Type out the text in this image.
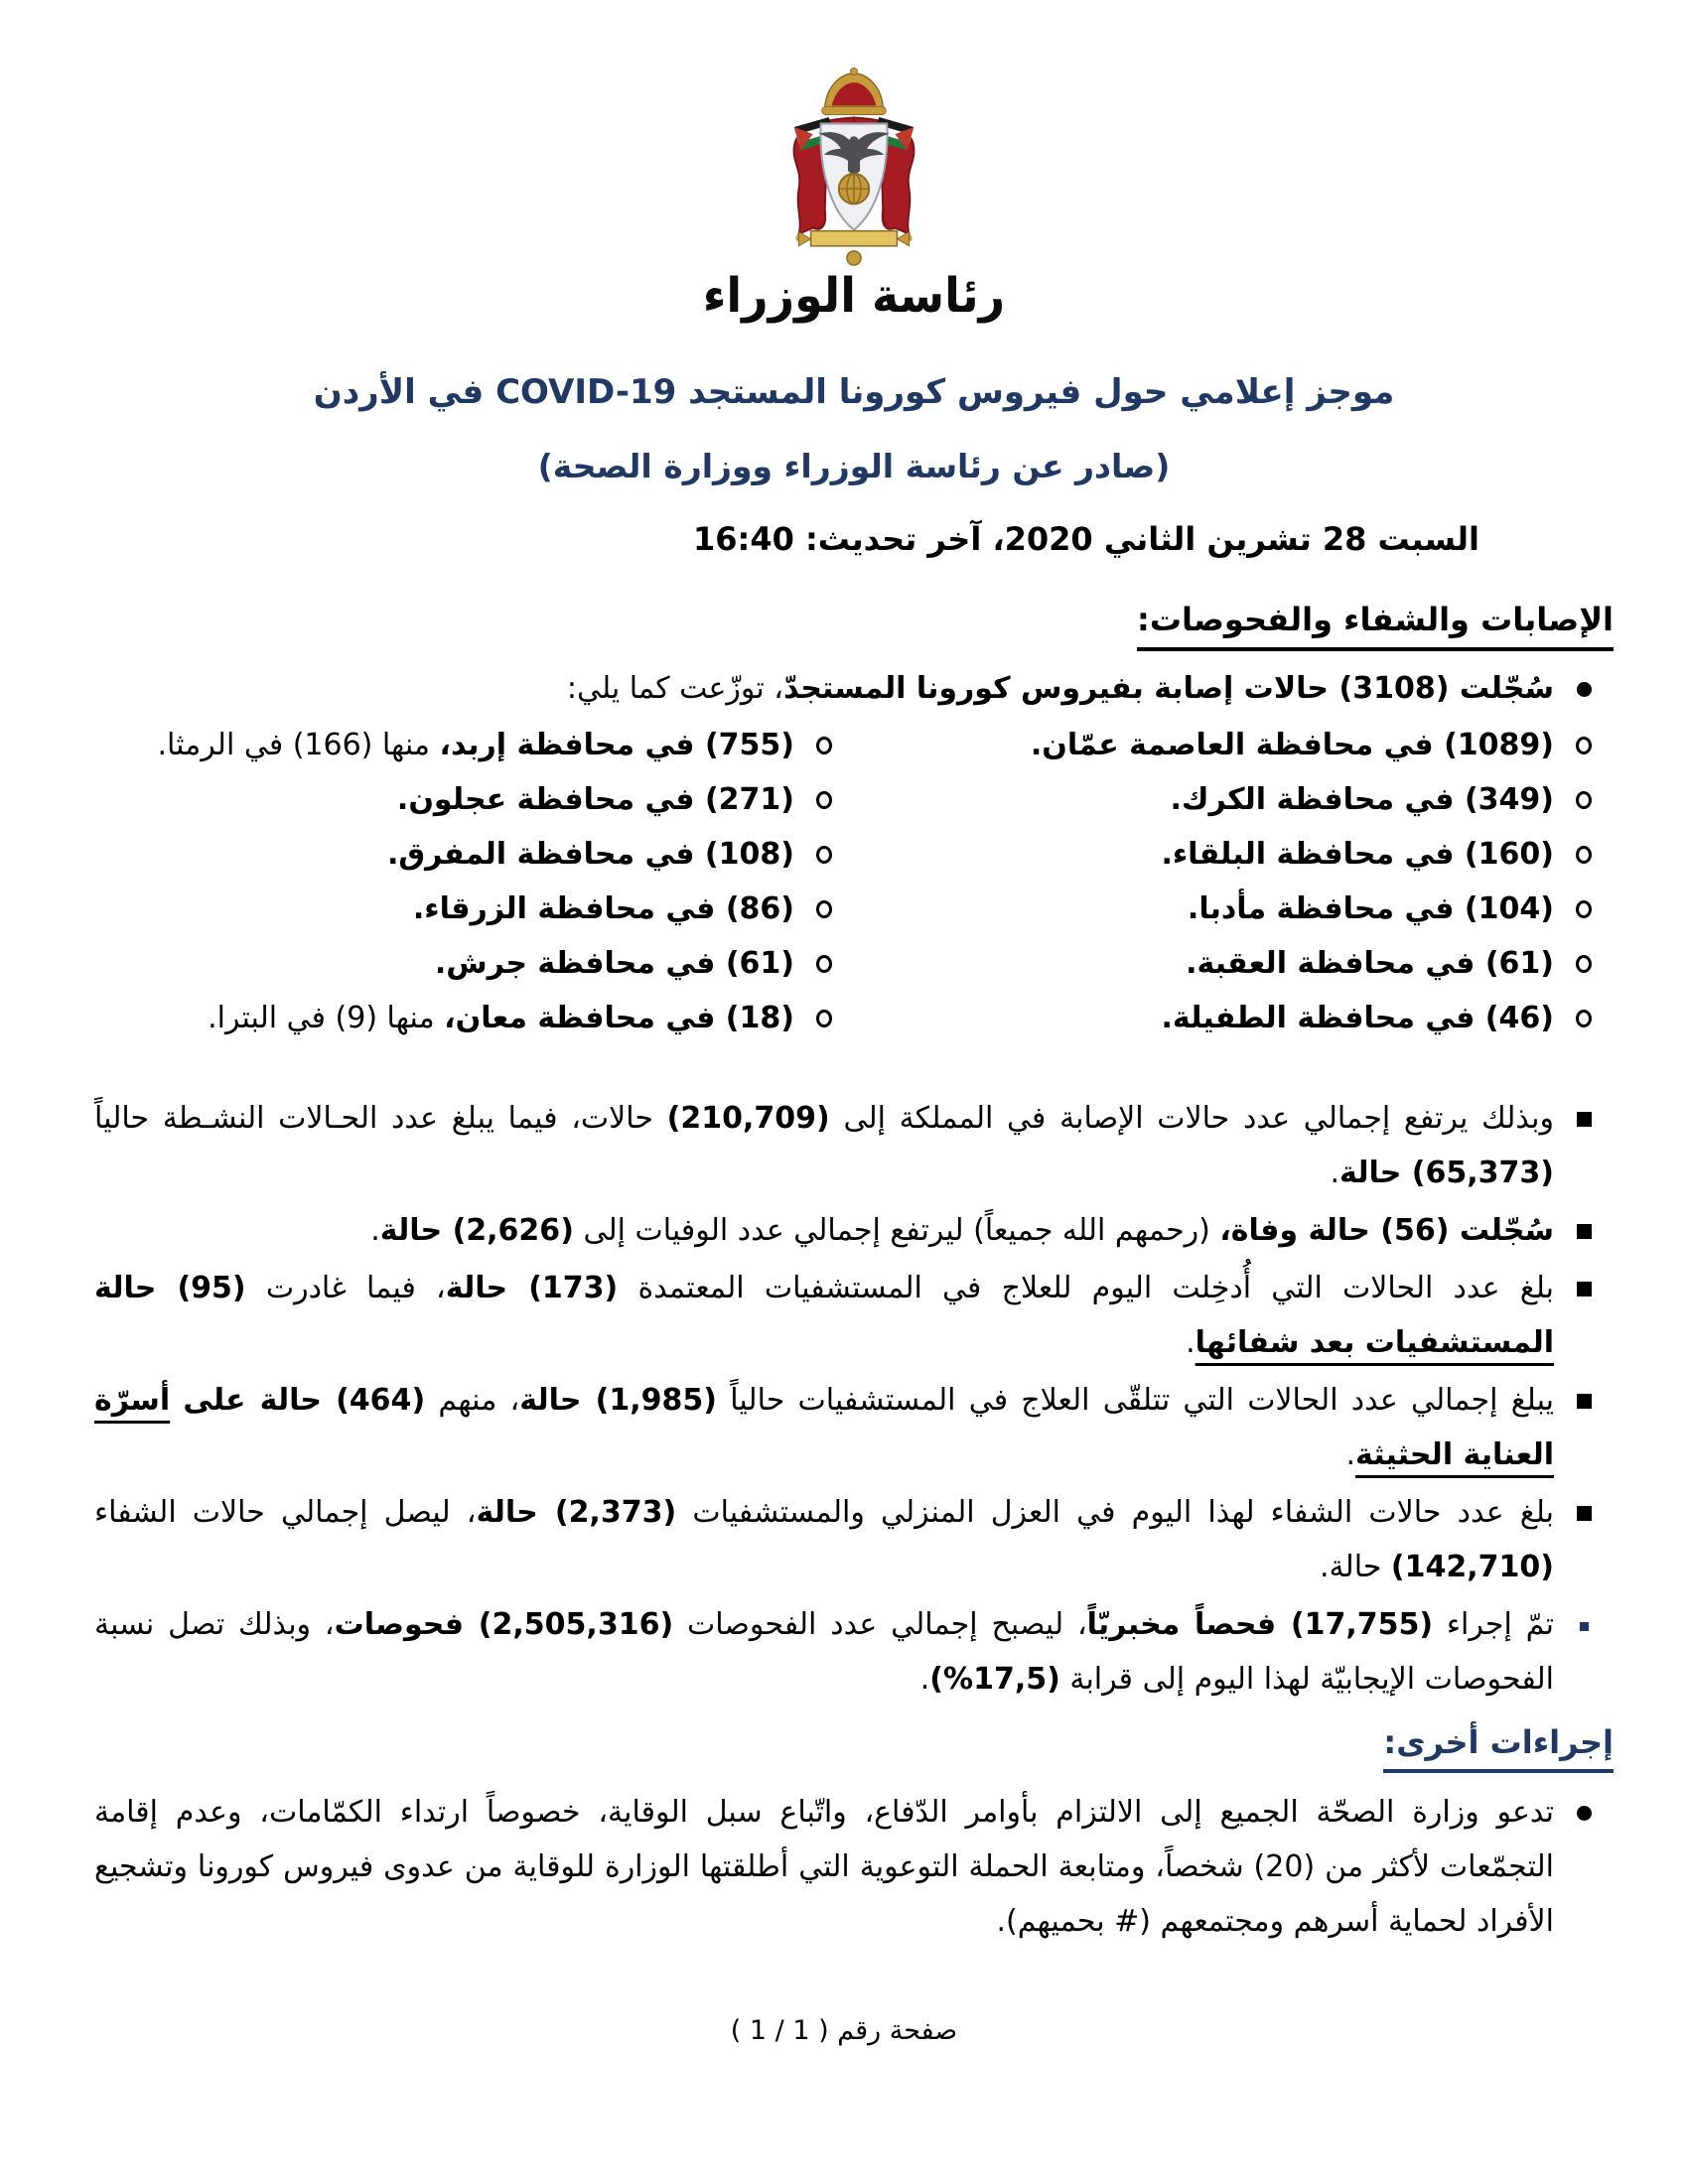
رئاسة الوزراء
موجز إعلامي حول فيروس كورونا المستجد COVID-19 في الأردن
(صادر عن رئاسة الوزراء ووزارة الصحة)
السبت 28 تشرين الثاني 2020، آخر تحديث: 16:40
الإصابات والشفاء والفحوصات:
سُجّلت (3108) حالات إصابة بفيروس كورونا المستجدّ، توزّعت كما يلي:
(1089) في محافظة العاصمة عمّان.
(349) في محافظة الكرك.
(160) في محافظة البلقاء.
(104) في محافظة مأدبا.
(61) في محافظة العقبة.
(46) في محافظة الطفيلة.
(755) في محافظة إربد، منها (166) في الرمثا.
(271) في محافظة عجلون.
(108) في محافظة المفرق.
(86) في محافظة الزرقاء.
(61) في محافظة جرش.
(18) في محافظة معان، منها (9) في البترا.
وبذلك يرتفع إجمالي عدد حالات الإصابة في المملكة إلى (210,709) حالات، فيما يبلغ عدد الحـالات النشـطة حالياً (65,373) حالة.
سُجّلت (56) حالة وفاة، (رحمهم الله جميعاً) ليرتفع إجمالي عدد الوفيات إلى (2,626) حالة.
بلغ عدد الحالات التي أُدخِلت اليوم للعلاج في المستشفيات المعتمدة (173) حالة، فيما غادرت (95) حالة المستشفيات بعد شفائها.
يبلغ إجمالي عدد الحالات التي تتلقّى العلاج في المستشفيات حالياً (1,985) حالة، منهم (464) حالة على أسرّة العناية الحثيثة.
بلغ عدد حالات الشفاء لهذا اليوم في العزل المنزلي والمستشفيات (2,373) حالة، ليصل إجمالي حالات الشفاء (142,710) حالة.
تمّ إجراء (17,755) فحصاً مخبريّاً، ليصبح إجمالي عدد الفحوصات (2,505,316) فحوصات، وبذلك تصل نسبة الفحوصات الإيجابيّة لهذا اليوم إلى قرابة (17,5%).
إجراءات أخرى:
تدعو وزارة الصحّة الجميع إلى الالتزام بأوامر الدّفاع، واتّباع سبل الوقاية، خصوصاً ارتداء الكمّامات، وعدم إقامة التجمّعات لأكثر من (20) شخصاً، ومتابعة الحملة التوعوية التي أطلقتها الوزارة للوقاية من عدوى فيروس كورونا وتشجيع الأفراد لحماية أسرهم ومجتمعهم (# بحميهم).
صفحة رقم ( 1 / 1 )
